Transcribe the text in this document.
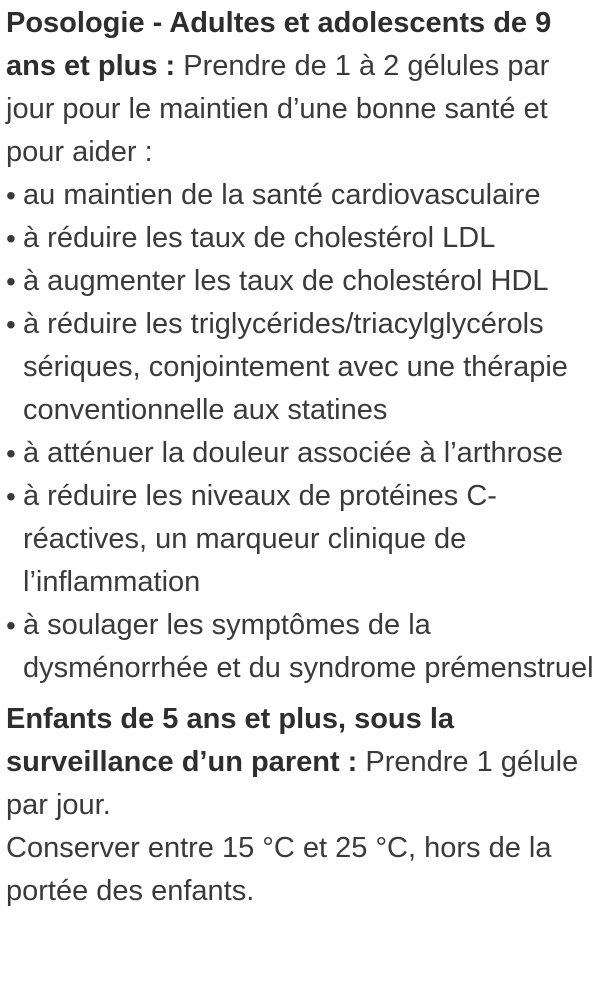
Posologie - Adultes et adolescents de 9 ans et plus : Prendre de 1 à 2 gélules par jour pour le maintien d’une bonne santé et pour aider :

• au maintien de la santé cardiovasculaire
• à réduire les taux de cholestérol LDL
• à augmenter les taux de cholestérol HDL
• à réduire les triglycérides/triacylglycérols sériques, conjointement avec une thérapie conventionnelle aux statines
• à atténuer la douleur associée à l’arthrose
• à réduire les niveaux de protéines C-réactives, un marqueur clinique de l’inflammation
• à soulager les symptômes de la dysménorrhée et du syndrome prémenstruel

Enfants de 5 ans et plus, sous la surveillance d’un parent : Prendre 1 gélule par jour.

Conserver entre 15 °C et 25 °C, hors de la portée des enfants.
